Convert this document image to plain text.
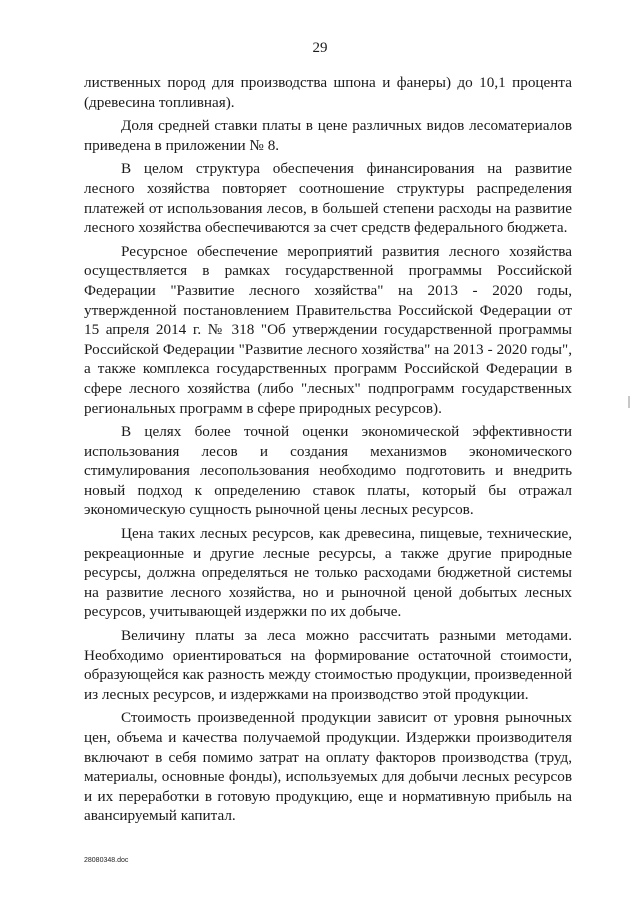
29

лиственных пород для производства шпона и фанеры) до 10,1 процента (древесина топливная).

Доля средней ставки платы в цене различных видов лесоматериалов приведена в приложении № 8.

В целом структура обеспечения финансирования на развитие лесного хозяйства повторяет соотношение структуры распределения платежей от использования лесов, в большей степени расходы на развитие лесного хозяйства обеспечиваются за счет средств федерального бюджета.

Ресурсное обеспечение мероприятий развития лесного хозяйства осуществляется в рамках государственной программы Российской Федерации "Развитие лесного хозяйства" на 2013 - 2020 годы, утвержденной постановлением Правительства Российской Федерации от 15 апреля 2014 г. № 318 "Об утверждении государственной программы Российской Федерации "Развитие лесного хозяйства" на 2013 - 2020 годы", а также комплекса государственных программ Российской Федерации в сфере лесного хозяйства (либо "лесных" подпрограмм государственных региональных программ в сфере природных ресурсов).

В целях более точной оценки экономической эффективности использования лесов и создания механизмов экономического стимулирования лесопользования необходимо подготовить и внедрить новый подход к определению ставок платы, который бы отражал экономическую сущность рыночной цены лесных ресурсов.

Цена таких лесных ресурсов, как древесина, пищевые, технические, рекреационные и другие лесные ресурсы, а также другие природные ресурсы, должна определяться не только расходами бюджетной системы на развитие лесного хозяйства, но и рыночной ценой добытых лесных ресурсов, учитывающей издержки по их добыче.

Величину платы за леса можно рассчитать разными методами. Необходимо ориентироваться на формирование остаточной стоимости, образующейся как разность между стоимостью продукции, произведенной из лесных ресурсов, и издержками на производство этой продукции.

Стоимость произведенной продукции зависит от уровня рыночных цен, объема и качества получаемой продукции. Издержки производителя включают в себя помимо затрат на оплату факторов производства (труд, материалы, основные фонды), используемых для добычи лесных ресурсов и их переработки в готовую продукцию, еще и нормативную прибыль на авансируемый капитал.

28080348.doc
